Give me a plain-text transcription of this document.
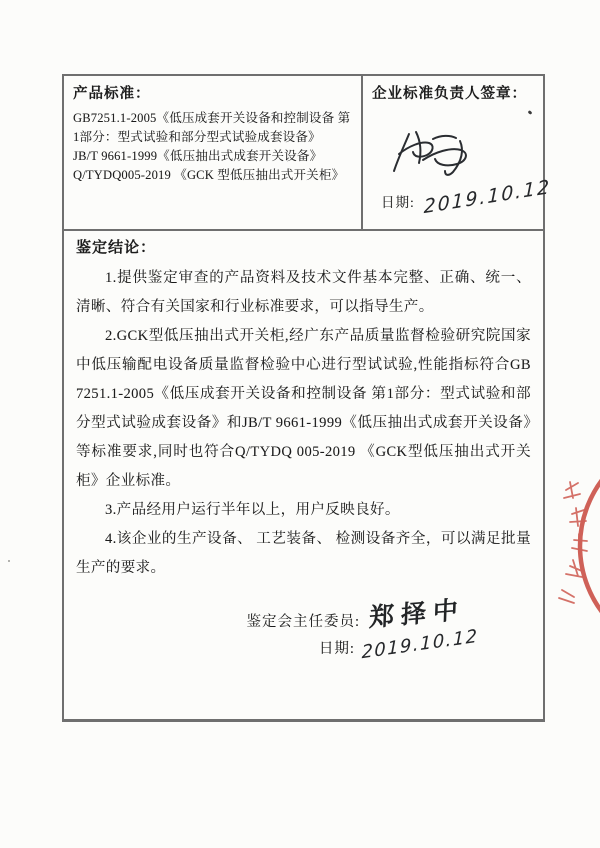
产品标准：
GB7251.1-2005《低压成套开关设备和控制设备 第1部分：型式试验和部分型式试验成套设备》
JB/T 9661-1999《低压抽出式成套开关设备》
Q/TYDQ005-2019 《GCK 型低压抽出式开关柜》
企业标准负责人签章：
日期: 2019.10.12
鉴定结论：

1.提供鉴定审查的产品资料及技术文件基本完整、正确、统一、清晰、符合有关国家和行业标准要求，可以指导生产。

2.GCK型低压抽出式开关柜,经广东产品质量监督检验研究院国家中低压输配电设备质量监督检验中心进行型试试验,性能指标符合GB 7251.1-2005《低压成套开关设备和控制设备 第1部分：型式试验和部分型式试验成套设备》和JB/T 9661-1999《低压抽出式成套开关设备》等标准要求,同时也符合Q/TYDQ 005-2019 《GCK型低压抽出式开关柜》企业标准。

3.产品经用户运行半年以上，用户反映良好。

4.该企业的生产设备、 工艺装备、 检测设备齐全，可以满足批量生产的要求。

鉴定会主任委员: 郑择中
日期: 2019.10.12
